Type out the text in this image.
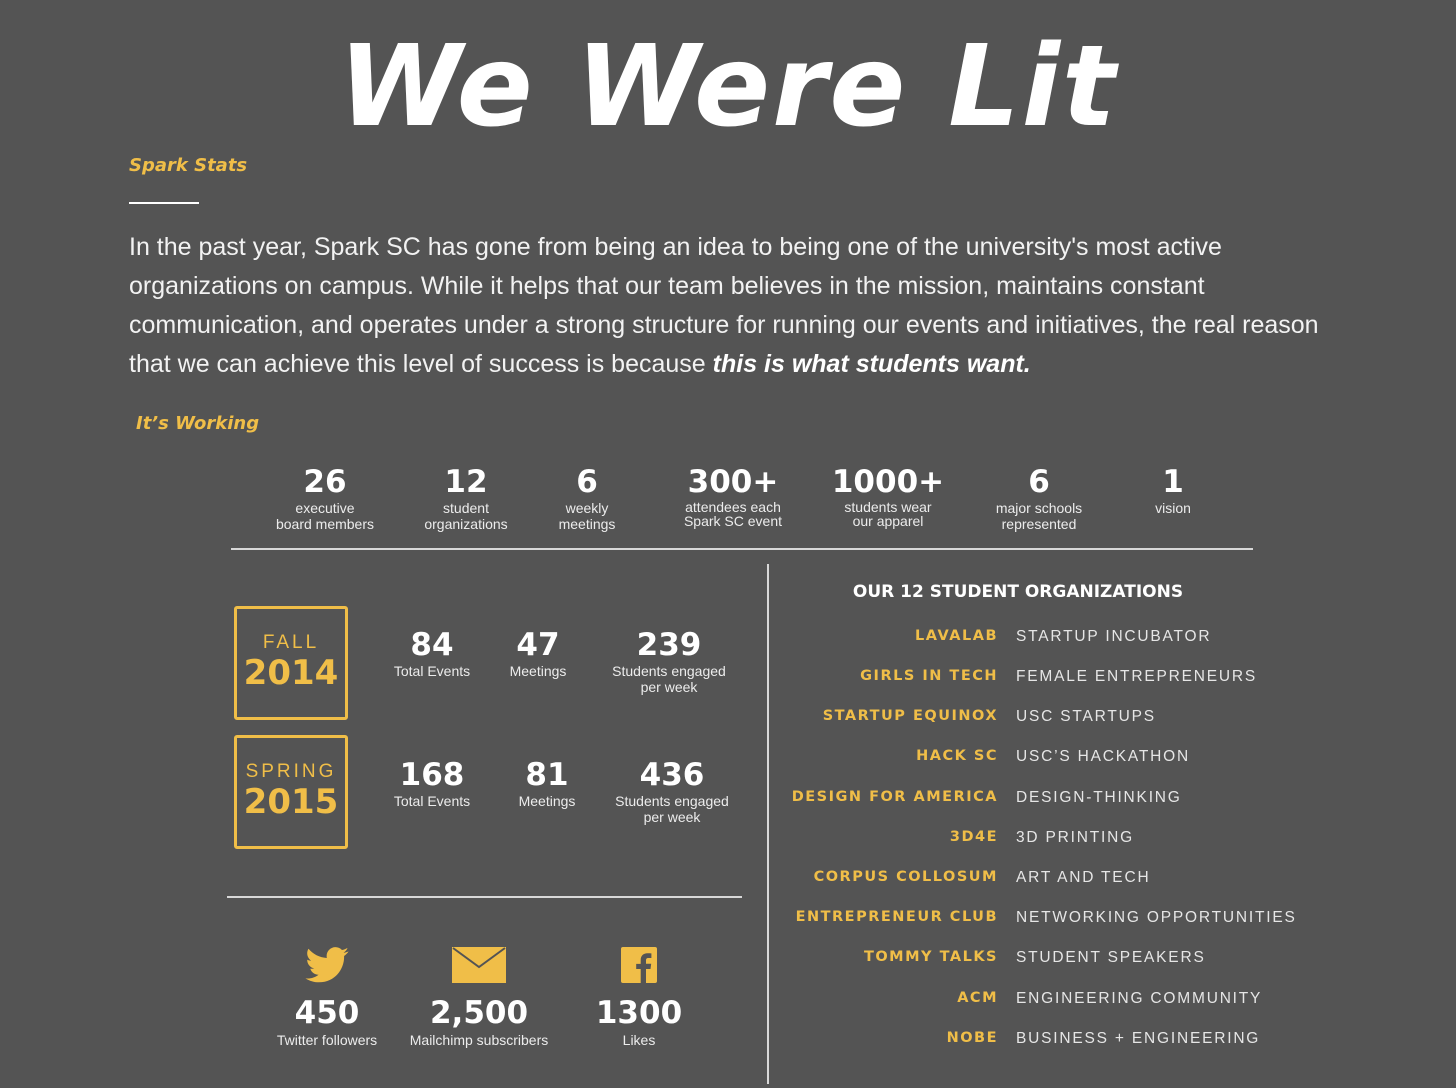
We Were Lit
Spark Stats
In the past year, Spark SC has gone from being an idea to being one of the university's most active organizations on campus. While it helps that our team believes in the mission, maintains constant communication, and operates under a strong structure for running our events and initiatives, the real reason that we can achieve this level of success is because this is what students want.
It’s Working
26
executive
board members
12
student
organizations
6
weekly
meetings
300+
attendees each
Spark SC event
1000+
students wear
our apparel
6
major schools
represented
1
vision
FALL
2014
84
Total Events
47
Meetings
239
Students engaged
per week
SPRING
2015
168
Total Events
81
Meetings
436
Students engaged
per week
450
Twitter followers
2,500
Mailchimp subscribers
1300
Likes
OUR 12 STUDENT ORGANIZATIONS
LAVALAB STARTUP INCUBATOR
GIRLS IN TECH FEMALE ENTREPRENEURS
STARTUP EQUINOX USC STARTUPS
HACK SC USC’S HACKATHON
DESIGN FOR AMERICA DESIGN-THINKING
3D4E 3D PRINTING
CORPUS COLLOSUM ART AND TECH
ENTREPRENEUR CLUB NETWORKING OPPORTUNITIES
TOMMY TALKS STUDENT SPEAKERS
ACM ENGINEERING COMMUNITY
NOBE BUSINESS + ENGINEERING
